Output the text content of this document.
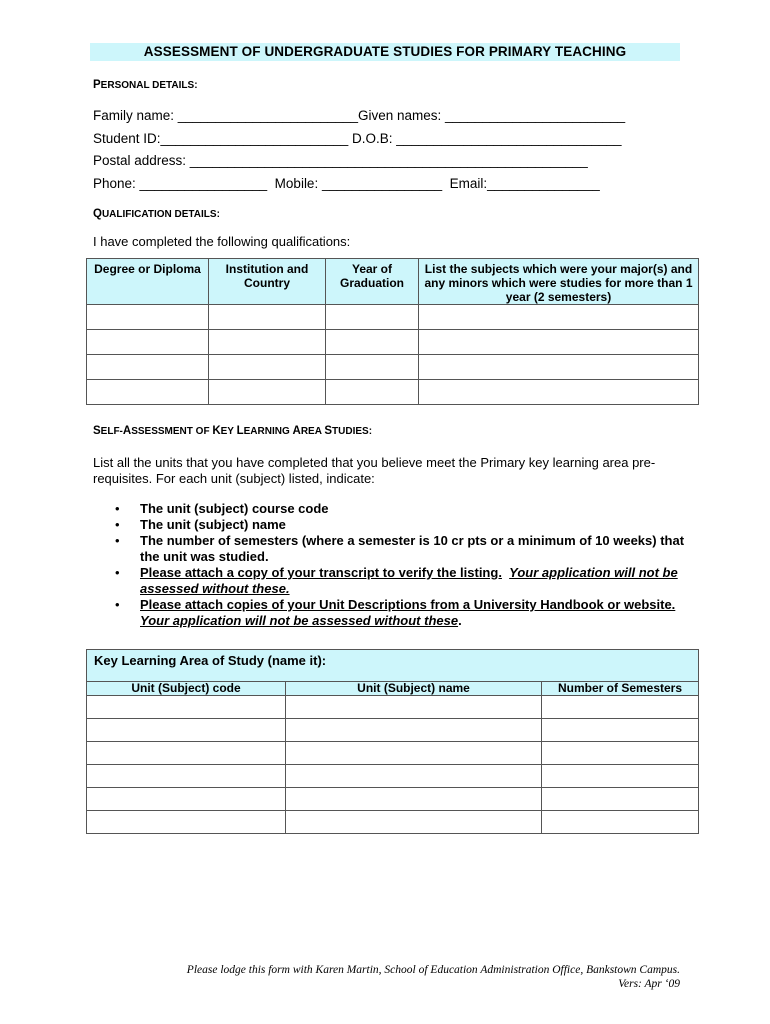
ASSESSMENT OF UNDERGRADUATE STUDIES FOR PRIMARY TEACHING
PERSONAL DETAILS:
Family name: ________________________Given names: ________________________
Student ID:_________________________ D.O.B: ______________________________
Postal address: _____________________________________________________
Phone: _________________  Mobile: ________________  Email:_______________
QUALIFICATION DETAILS:
I have completed the following qualifications:
Degree or Diploma	Institution and Country	Year of Graduation	List the subjects which were your major(s) and any minors which were studies for more than 1 year (2 semesters)

SELF-ASSESSMENT OF KEY LEARNING AREA STUDIES:
List all the units that you have completed that you believe meet the Primary key learning area pre-requisites. For each unit (subject) listed, indicate:
• The unit (subject) course code
• The unit (subject) name
• The number of semesters (where a semester is 10 cr pts or a minimum of 10 weeks) that the unit was studied.
• Please attach a copy of your transcript to verify the listing. Your application will not be assessed without these.
• Please attach copies of your Unit Descriptions from a University Handbook or website.  Your application will not be assessed without these.
Key Learning Area of Study (name it):		
Unit (Subject) code	Unit (Subject) name	Number of Semesters

Please lodge this form with Karen Martin, School of Education Administration Office, Bankstown Campus.
Vers: Apr ‘09
